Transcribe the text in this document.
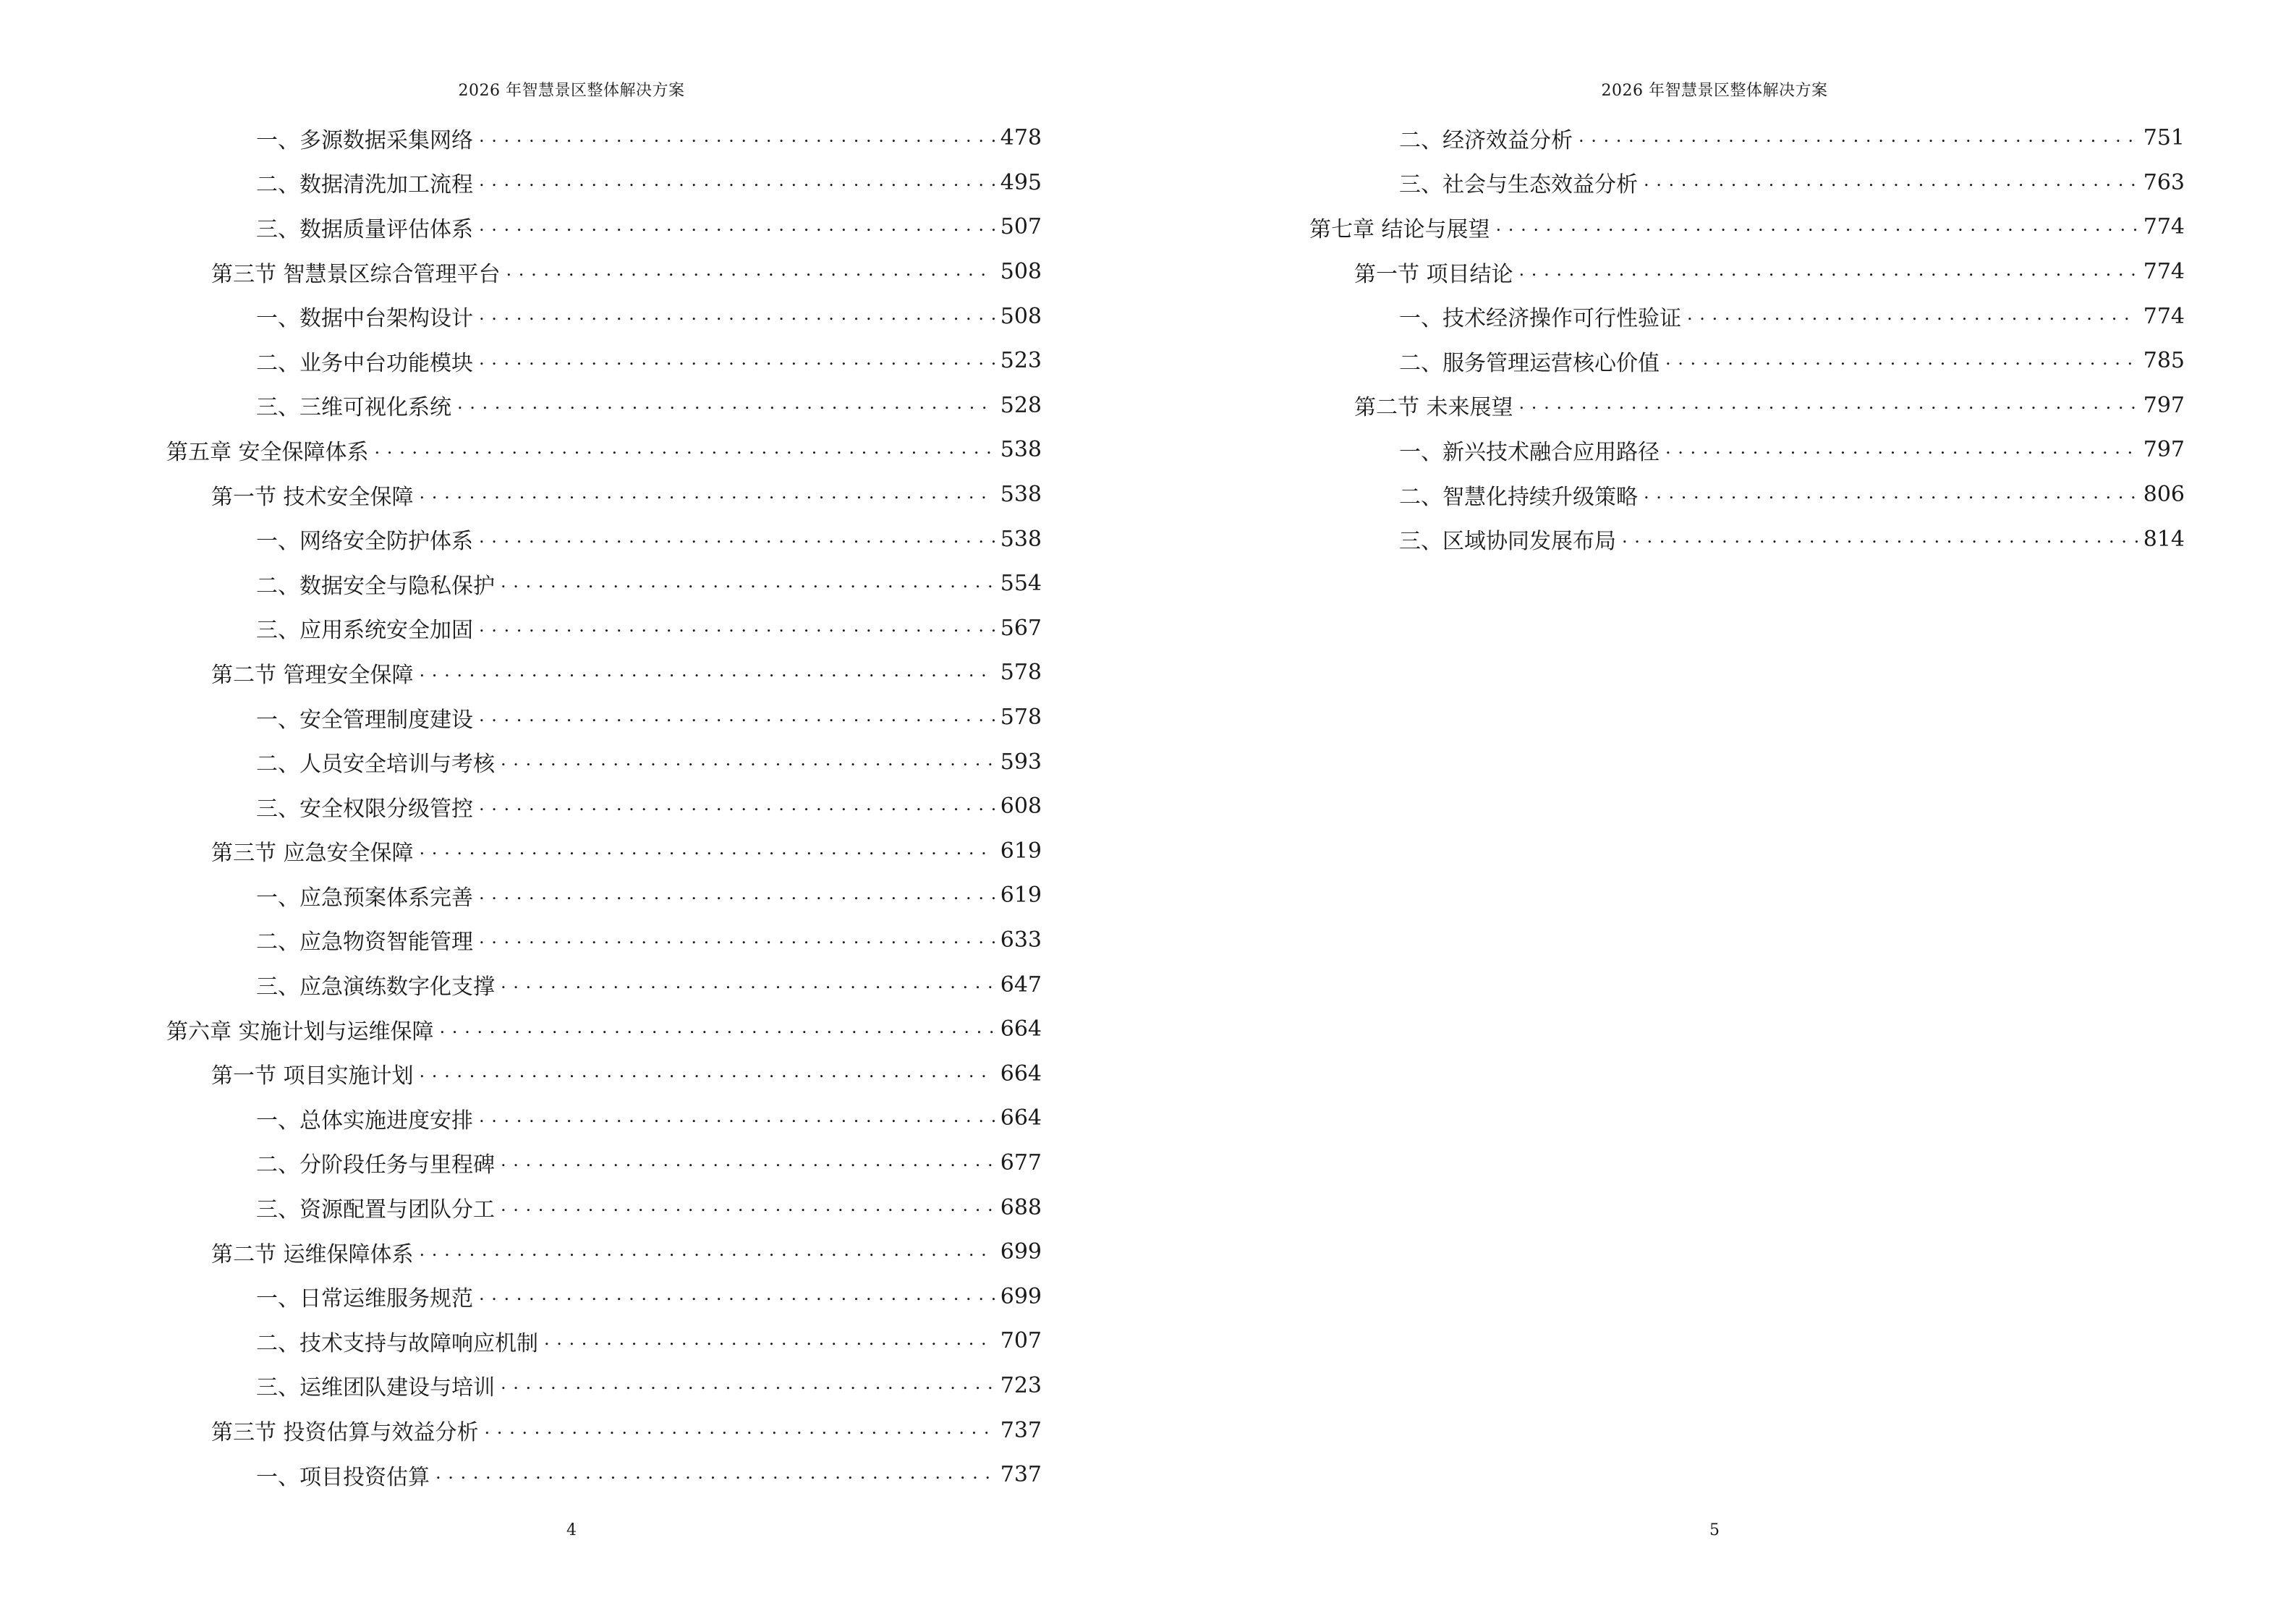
2026 年智慧景区整体解决方案
一、多源数据采集网络 . . .	478
二、数据清洗加工流程 . . .	495
三、数据质量评估体系 . . .	507
第三节 智慧景区综合管理平台 . . .	508
一、数据中台架构设计 . . .	508
二、业务中台功能模块 . . .	523
三、三维可视化系统 . . .	528
第五章 安全保障体系 . . .	538
第一节 技术安全保障 . . .	538
一、网络安全防护体系 . . .	538
二、数据安全与隐私保护 . . .	554
三、应用系统安全加固 . . .	567
第二节 管理安全保障 . . .	578
一、安全管理制度建设 . . .	578
二、人员安全培训与考核 . . .	593
三、安全权限分级管控 . . .	608
第三节 应急安全保障 . . .	619
一、应急预案体系完善 . . .	619
二、应急物资智能管理 . . .	633
三、应急演练数字化支撑 . . .	647
第六章 实施计划与运维保障 . . .	664
第一节 项目实施计划 . . .	664
一、总体实施进度安排 . . .	664
二、分阶段任务与里程碑 . . .	677
三、资源配置与团队分工 . . .	688
第二节 运维保障体系 . . .	699
一、日常运维服务规范 . . .	699
二、技术支持与故障响应机制 . . .	707
三、运维团队建设与培训 . . .	723
第三节 投资估算与效益分析 . . .	737
一、项目投资估算 . . .	737
4
2026 年智慧景区整体解决方案
二、经济效益分析 . . .	751
三、社会与生态效益分析 . . .	763
第七章 结论与展望 . . .	774
第一节 项目结论 . . .	774
一、技术经济操作可行性验证 . . .	774
二、服务管理运营核心价值 . . .	785
第二节 未来展望 . . .	797
一、新兴技术融合应用路径 . . .	797
二、智慧化持续升级策略 . . .	806
三、区域协同发展布局 . . .	814
5
